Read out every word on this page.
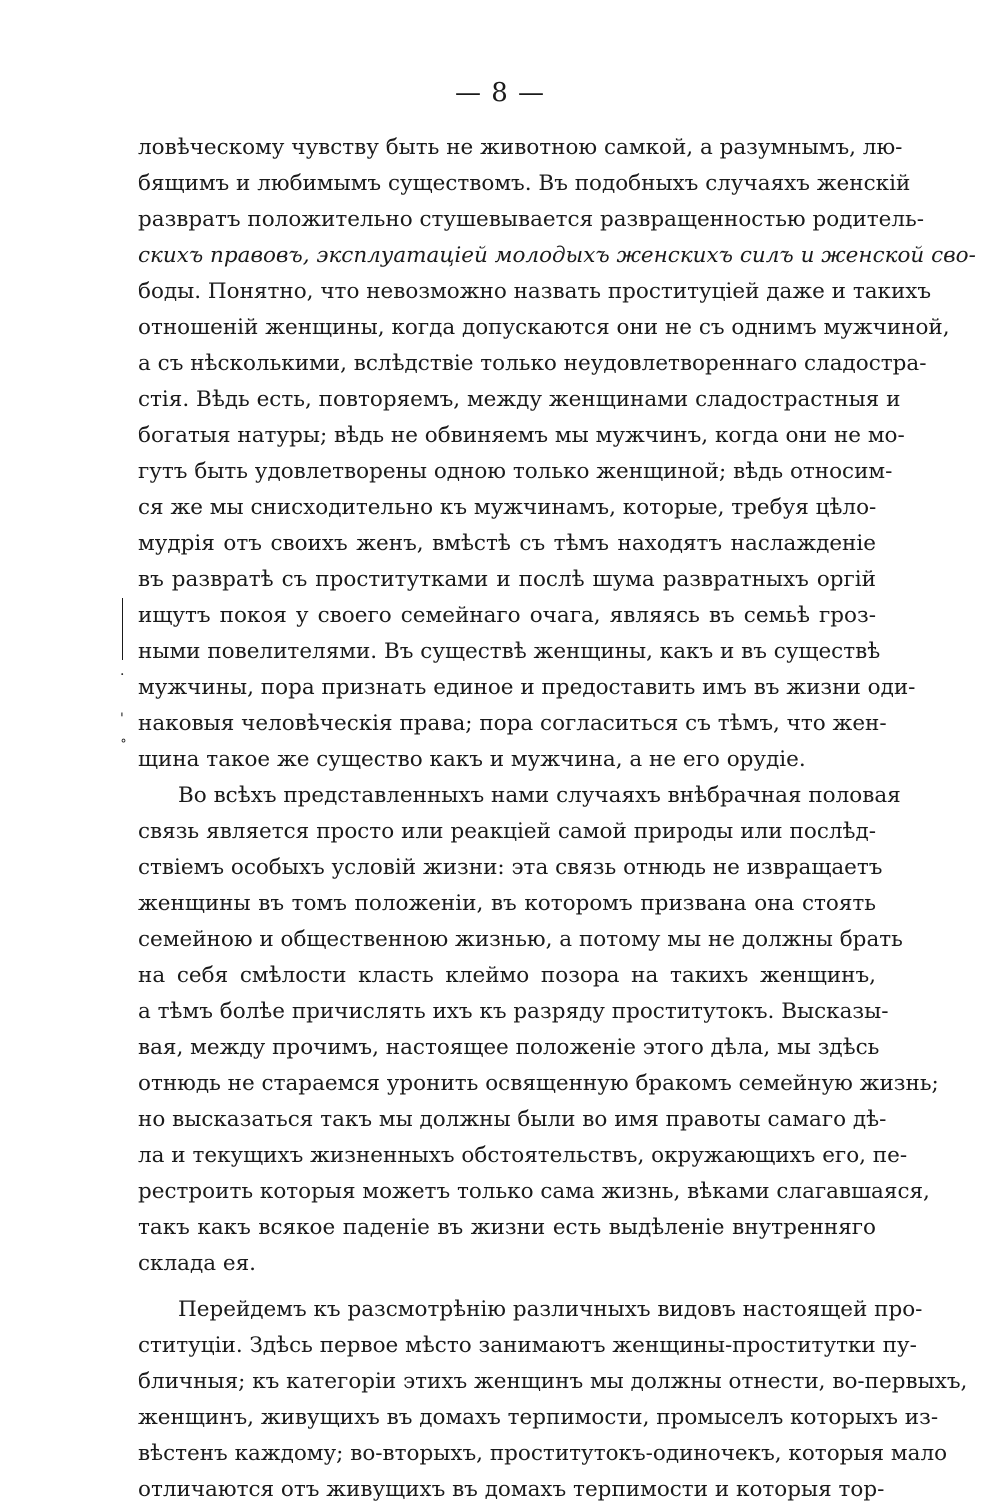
— 8 —
·
'
˚
ловѣческому чувству быть не животною самкой, а разумнымъ, лю-
бящимъ и любимымъ существомъ. Въ подобныхъ случаяхъ женскій
развратъ положительно стушевывается развращенностью родитель-
скихъ правовъ, эксплуатаціей молодыхъ женскихъ силъ и женской сво-
боды. Понятно, что невозможно назвать проституціей даже и такихъ
отношеній женщины, когда допускаются они не съ однимъ мужчиной,
а съ нѣсколькими, вслѣдствіе только неудовлетвореннаго сладостра-
стія. Вѣдь есть, повторяемъ, между женщинами сладострастныя и
богатыя натуры; вѣдь не обвиняемъ мы мужчинъ, когда они не мо-
гутъ быть удовлетворены одною только женщиной; вѣдь относим-
ся же мы снисходительно къ мужчинамъ, которые, требуя цѣло-
мудрія отъ своихъ женъ, вмѣстѣ съ тѣмъ находятъ наслажденіе
въ развратѣ съ проститутками и послѣ шума развратныхъ оргій
ищутъ покоя у своего семейнаго очага, являясь въ семьѣ гроз-
ными повелителями. Въ существѣ женщины, какъ и въ существѣ
мужчины, пора признать единое и предоставить имъ въ жизни оди-
наковыя человѣческія права; пора согласиться съ тѣмъ, что жен-
щина такое же существо какъ и мужчина, а не его орудіе.
Во всѣхъ представленныхъ нами случаяхъ внѣбрачная половая
связь является просто или реакціей самой природы или послѣд-
ствіемъ особыхъ условій жизни: эта связь отнюдь не извращаетъ
женщины въ томъ положеніи, въ которомъ призвана она стоять
семейною и общественною жизнью, а потому мы не должны брать
на себя смѣлости класть клеймо позора на такихъ женщинъ,
а тѣмъ болѣе причислять ихъ къ разряду проститутокъ. Высказы-
вая, между прочимъ, настоящее положеніе этого дѣла, мы здѣсь
отнюдь не стараемся уронить освященную бракомъ семейную жизнь;
но высказаться такъ мы должны были во имя правоты самаго дѣ-
ла и текущихъ жизненныхъ обстоятельствъ, окружающихъ его, пе-
рестроить которыя можетъ только сама жизнь, вѣками слагавшаяся,
такъ какъ всякое паденіе въ жизни есть выдѣленіе внутренняго
склада ея.
Перейдемъ къ разсмотрѣнію различныхъ видовъ настоящей про-
ституціи. Здѣсь первое мѣсто занимаютъ женщины-проститутки пу-
бличныя; къ категоріи этихъ женщинъ мы должны отнести, во-первыхъ,
женщинъ, живущихъ въ домахъ терпимости, промыселъ которыхъ из-
вѣстенъ каждому; во-вторыхъ, проститутокъ-одиночекъ, которыя мало
отличаются отъ живущихъ въ домахъ терпимости и которыя тор-
